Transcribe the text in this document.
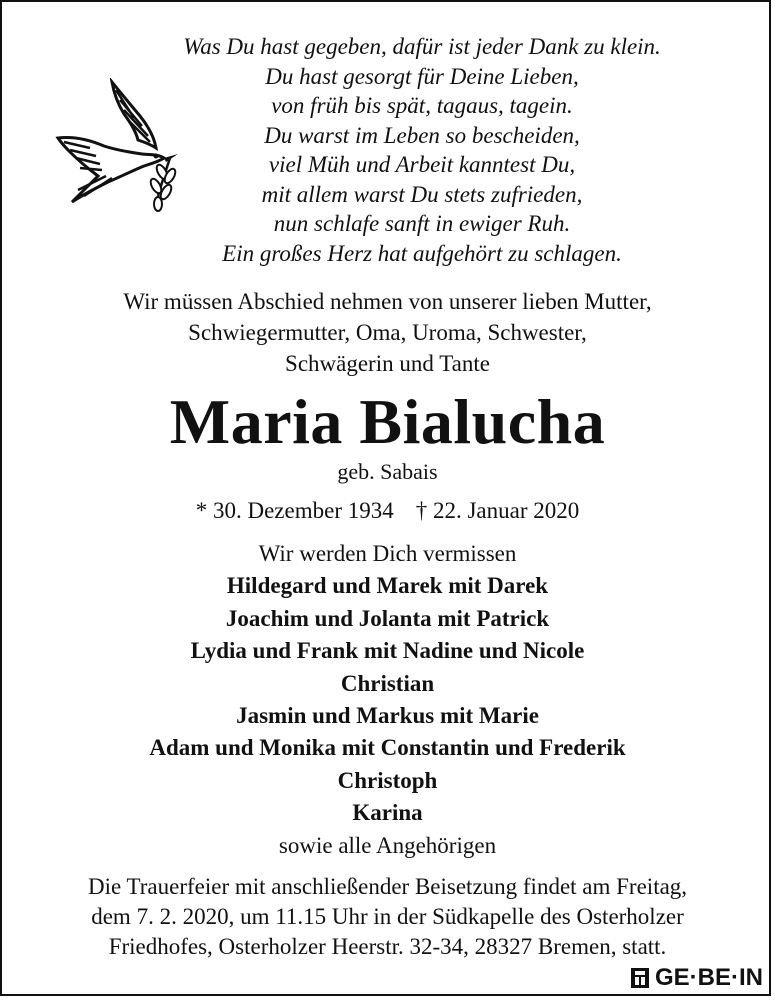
Was Du hast gegeben, dafür ist jeder Dank zu klein.
Du hast gesorgt für Deine Lieben,
von früh bis spät, tagaus, tagein.
Du warst im Leben so bescheiden,
viel Müh und Arbeit kanntest Du,
mit allem warst Du stets zufrieden,
nun schlafe sanft in ewiger Ruh.
Ein großes Herz hat aufgehört zu schlagen.
Wir müssen Abschied nehmen von unserer lieben Mutter,
Schwiegermutter, Oma, Uroma, Schwester,
Schwägerin und Tante
Maria Bialucha
geb. Sabais
* 30. Dezember 1934 † 22. Januar 2020
Wir werden Dich vermissen
Hildegard und Marek mit Darek
Joachim und Jolanta mit Patrick
Lydia und Frank mit Nadine und Nicole
Christian
Jasmin und Markus mit Marie
Adam und Monika mit Constantin und Frederik
Christoph
Karina
sowie alle Angehörigen
Die Trauerfeier mit anschließender Beisetzung findet am Freitag,
dem 7. 2. 2020, um 11.15 Uhr in der Südkapelle des Osterholzer
Friedhofes, Osterholzer Heerstr. 32-34, 28327 Bremen, statt.
GE·BE·IN
